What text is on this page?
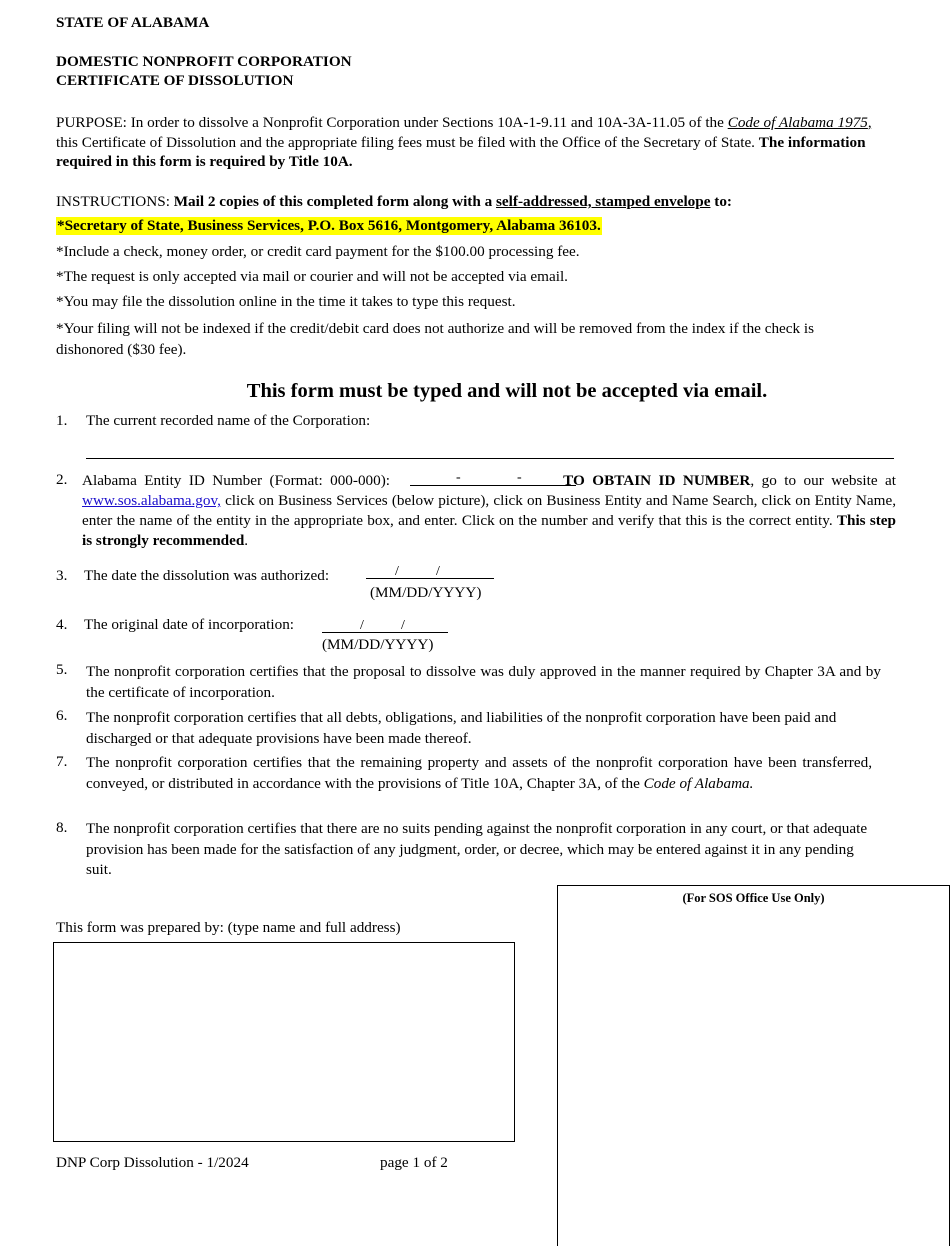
STATE OF ALABAMA
DOMESTIC NONPROFIT CORPORATION
CERTIFICATE OF DISSOLUTION
PURPOSE: In order to dissolve a Nonprofit Corporation under Sections 10A-1-9.11 and 10A-3A-11.05 of the Code of Alabama 1975, this Certificate of Dissolution and the appropriate filing fees must be filed with the Office of the Secretary of State. The information required in this form is required by Title 10A.
INSTRUCTIONS: Mail 2 copies of this completed form along with a self-addressed, stamped envelope to:
*Secretary of State, Business Services, P.O. Box 5616, Montgomery, Alabama 36103.
*Include a check, money order, or credit card payment for the $100.00 processing fee.
*The request is only accepted via mail or courier and will not be accepted via email.
*You may file the dissolution online in the time it takes to type this request.
*Your filing will not be indexed if the credit/debit card does not authorize and will be removed from the index if the check is dishonored ($30 fee).
This form must be typed and will not be accepted via email.
1. The current recorded name of the Corporation:
2. Alabama Entity ID Number (Format: 000-000):	TO OBTAIN ID NUMBER, go to our website at www.sos.alabama.gov, click on Business Services (below picture), click on Business Entity and Name Search, click on Entity Name, enter the name of the entity in the appropriate box, and enter. Click on the number and verify that this is the correct entity. This step is strongly recommended.
-	-
3. The date the dissolution was authorized:	/	/
(MM/DD/YYYY)
4. The original date of incorporation:	/	/
(MM/DD/YYYY)
5. The nonprofit corporation certifies that the proposal to dissolve was duly approved in the manner required by Chapter 3A and by the certificate of incorporation.
6. The nonprofit corporation certifies that all debts, obligations, and liabilities of the nonprofit corporation have been paid and discharged or that adequate provisions have been made thereof.
7. The nonprofit corporation certifies that the remaining property and assets of the nonprofit corporation have been transferred, conveyed, or distributed in accordance with the provisions of Title 10A, Chapter 3A, of the Code of Alabama.
8. The nonprofit corporation certifies that there are no suits pending against the nonprofit corporation in any court, or that adequate provision has been made for the satisfaction of any judgment, order, or decree, which may be entered against it in any pending suit.
This form was prepared by: (type name and full address)
(For SOS Office Use Only)
DNP Corp Dissolution - 1/2024	page 1 of 2
